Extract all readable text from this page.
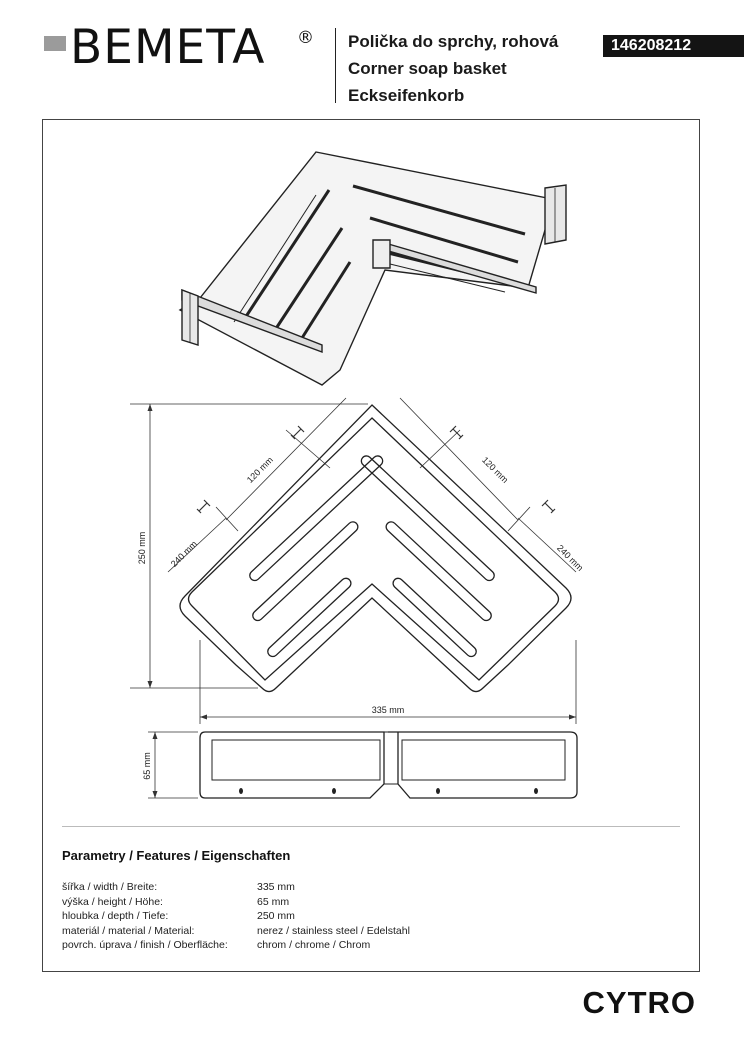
BEMETA ® Polička do sprchy, rohová
Corner soap basket
Eckseifenkorb
146208212
250 mm
335 mm
120 mm
240 mm
120 mm
240 mm
65 mm
Parametry / Features / Eigenschaften
šířka / width / Breite:	335 mm
výška / height / Höhe:	65 mm
hloubka / depth / Tiefe:	250 mm
materiál / material / Material:	nerez / stainless steel / Edelstahl
povrch. úprava / finish / Oberfläche:	chrom / chrome / Chrom
CYTRO
